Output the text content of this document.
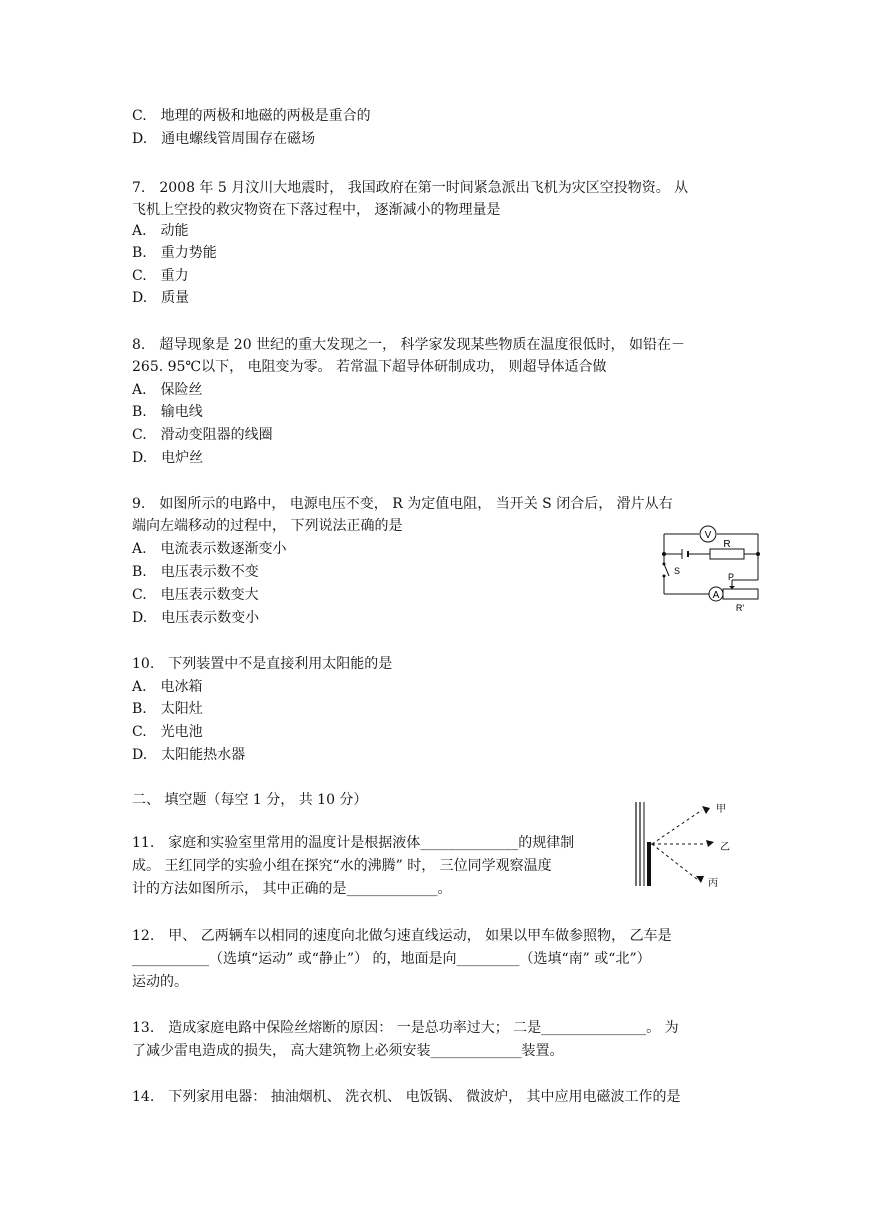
C.　地理的两极和地磁的两极是重合的
D.　通电螺线管周围存在磁场
7.　2008 年 5 月汶川大地震时， 我国政府在第一时间紧急派出飞机为灾区空投物资。 从
飞机上空投的救灾物资在下落过程中， 逐渐减小的物理量是
A.　动能
B.　重力势能
C.　重力
D.　质量
8.　超导现象是 20 世纪的重大发现之一， 科学家发现某些物质在温度很低时， 如铅在－
265. 95℃以下， 电阻变为零。 若常温下超导体研制成功， 则超导体适合做
A.　保险丝
B.　输电线
C.　滑动变阻器的线圈
D.　电炉丝
9.　如图所示的电路中， 电源电压不变， R 为定值电阻， 当开关 S 闭合后， 滑片从右
端向左端移动的过程中， 下列说法正确的是
A.　电流表示数逐渐变小
B.　电压表示数不变
C.　电压表示数变大
D.　电压表示数变小
V
R
A
P
S
R'
10.　下列装置中不是直接利用太阳能的是
A.　电冰箱
B.　太阳灶
C.　光电池
D.　太阳能热水器
二、 填空题（每空 1 分， 共 10 分）
11.　家庭和实验室里常用的温度计是根据液体______________的规律制
成。 王红同学的实验小组在探究“水的沸腾” 时， 三位同学观察温度
计的方法如图所示， 其中正确的是_____________。
甲
乙
丙
12.　甲、 乙两辆车以相同的速度向北做匀速直线运动， 如果以甲车做参照物， 乙车是
___________（选填“运动” 或“静止”） 的，地面是向_________（选填“南” 或“北”）
运动的。
13.　造成家庭电路中保险丝熔断的原因： 一是总功率过大； 二是_______________。 为
了减少雷电造成的损失， 高大建筑物上必须安装_____________装置。
14.　下列家用电器： 抽油烟机、 洗衣机、 电饭锅、 微波炉， 其中应用电磁波工作的是
